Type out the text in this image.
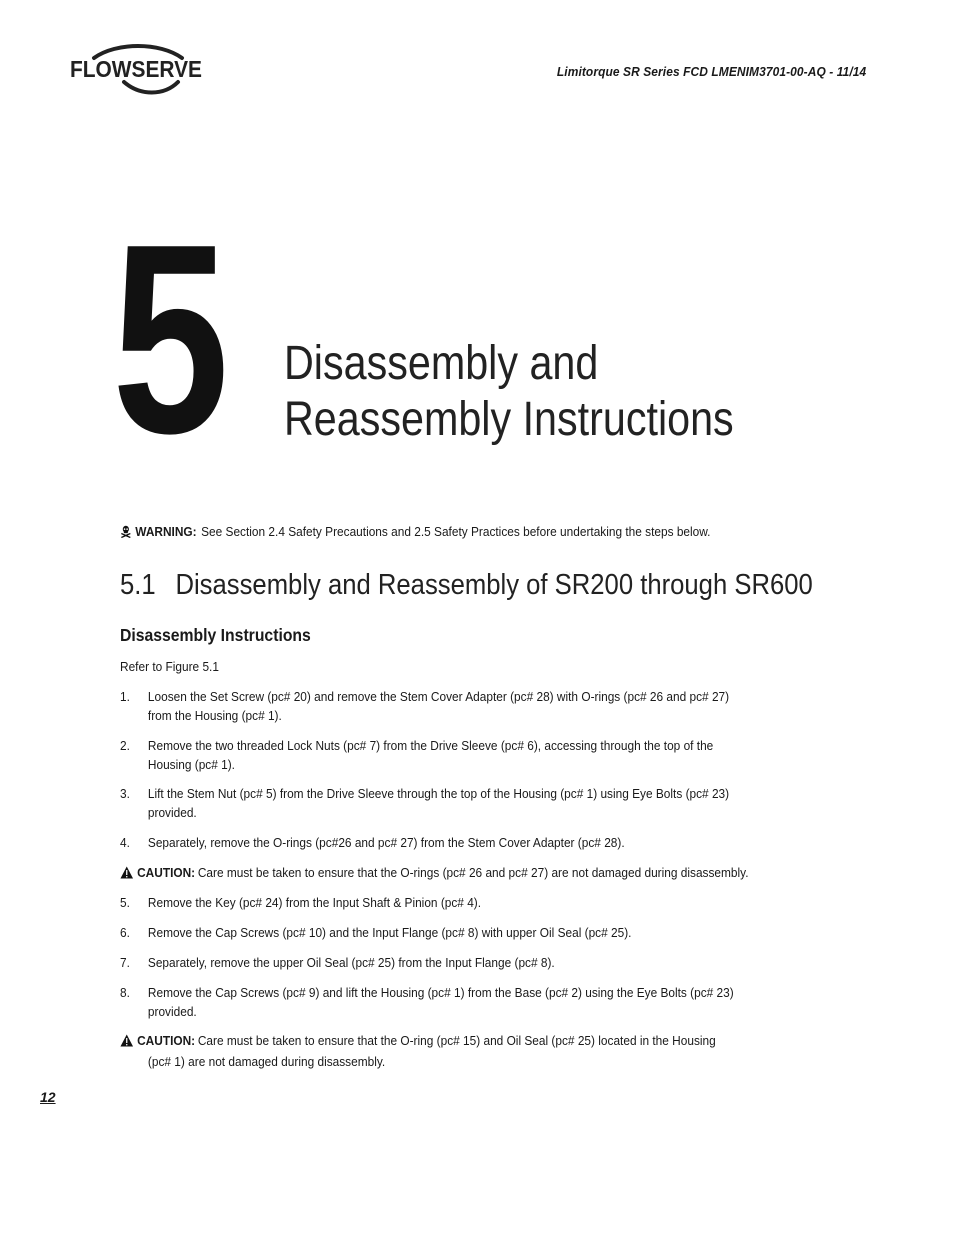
FLOWSERVE	Limitorque SR Series FCD LMENIM3701-00-AQ - 11/14
5 Disassembly and
Reassembly Instructions
WARNING: See Section 2.4 Safety Precautions and 2.5 Safety Practices before undertaking the steps below.
5.1 Disassembly and Reassembly of SR200 through SR600
Disassembly Instructions
Refer to Figure 5.1
1. Loosen the Set Screw (pc# 20) and remove the Stem Cover Adapter (pc# 28) with O-rings (pc# 26 and pc# 27) from the Housing (pc# 1).
2. Remove the two threaded Lock Nuts (pc# 7) from the Drive Sleeve (pc# 6), accessing through the top of the Housing (pc# 1).
3. Lift the Stem Nut (pc# 5) from the Drive Sleeve through the top of the Housing (pc# 1) using Eye Bolts (pc# 23) provided.
4. Separately, remove the O-rings (pc#26 and pc# 27) from the Stem Cover Adapter (pc# 28).
CAUTION: Care must be taken to ensure that the O-rings (pc# 26 and pc# 27) are not damaged during disassembly.
5. Remove the Key (pc# 24) from the Input Shaft & Pinion (pc# 4).
6. Remove the Cap Screws (pc# 10) and the Input Flange (pc# 8) with upper Oil Seal (pc# 25).
7. Separately, remove the upper Oil Seal (pc# 25) from the Input Flange (pc# 8).
8. Remove the Cap Screws (pc# 9) and lift the Housing (pc# 1) from the Base (pc# 2) using the Eye Bolts (pc# 23) provided.
CAUTION: Care must be taken to ensure that the O-ring (pc# 15) and Oil Seal (pc# 25) located in the Housing
(pc# 1) are not damaged during disassembly.
12
